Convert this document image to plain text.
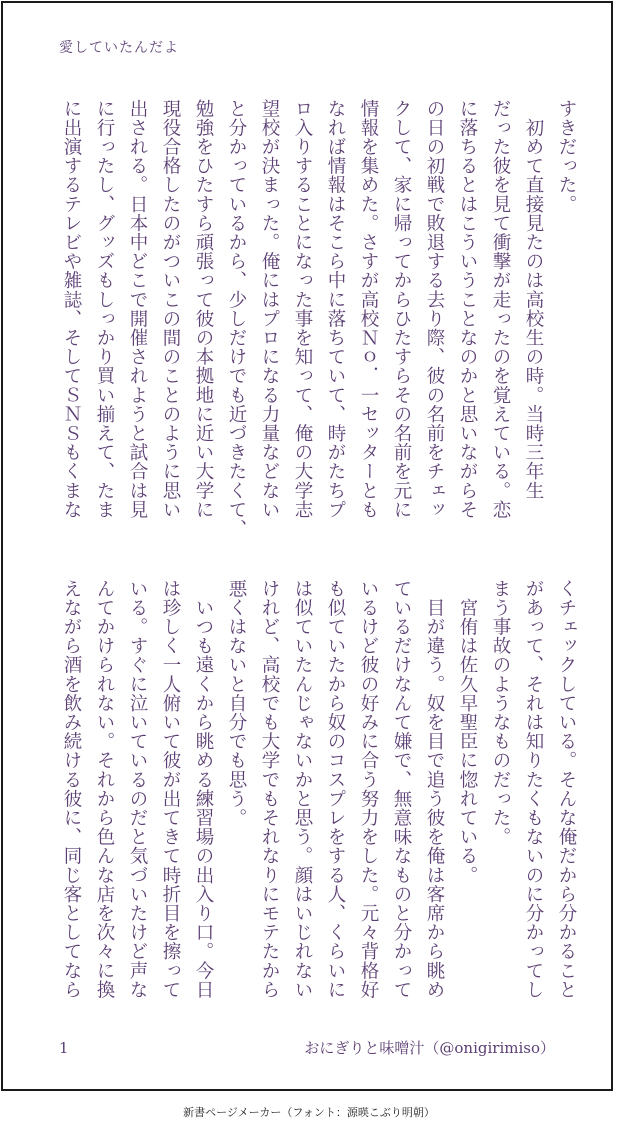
愛していたんだよ

すきだった。

　初めて直接見たのは高校生の時。当時三年生

だった彼を見て衝撃が走ったのを覚えている。恋

に落ちるとはこういうことなのかと思いながらそ

の日の初戦で敗退する去り際、彼の名前をチェッ

クして、家に帰ってからひたすらその名前を元に

情報を集めた。さすが高校Ｎｏ．一セッターとも

なれば情報はそこら中に落ちていて、時がたちプ

ロ入りすることになった事を知って、俺の大学志

望校が決まった。俺にはプロになる力量などない

と分かっているから、少しだけでも近づきたくて、

勉強をひたすら頑張って彼の本拠地に近い大学に

現役合格したのがついこの間のことのように思い

出される。日本中どこで開催されようと試合は見

に行ったし、グッズもしっかり買い揃えて、たま

に出演するテレビや雑誌、そしてＳＮＳもくまな

くチェックしている。そんな俺だから分かること

があって、それは知りたくもないのに分かってし

まう事故のようなものだった。

　宮侑は佐久早聖臣に惚れている。

　目が違う。奴を目で追う彼を俺は客席から眺め

ているだけなんて嫌で、無意味なものと分かって

いるけど彼の好みに合う努力をした。元々背格好

も似ていたから奴のコスプレをする人、くらいに

は似ていたんじゃないかと思う。顔はいじれない

けれど、高校でも大学でもそれなりにモテたから

悪くはないと自分でも思う。

　いつも遠くから眺める練習場の出入り口。今日

は珍しく一人俯いて彼が出てきて時折目を擦って

いる。すぐに泣いているのだと気づいたけど声な

んてかけられない。それから色んな店を次々に換

えながら酒を飲み続ける彼に、同じ客としてなら

1	おにぎりと味噌汁（@onigirimiso）
新書ページメーカー（フォント：源暎こぶり明朝）
